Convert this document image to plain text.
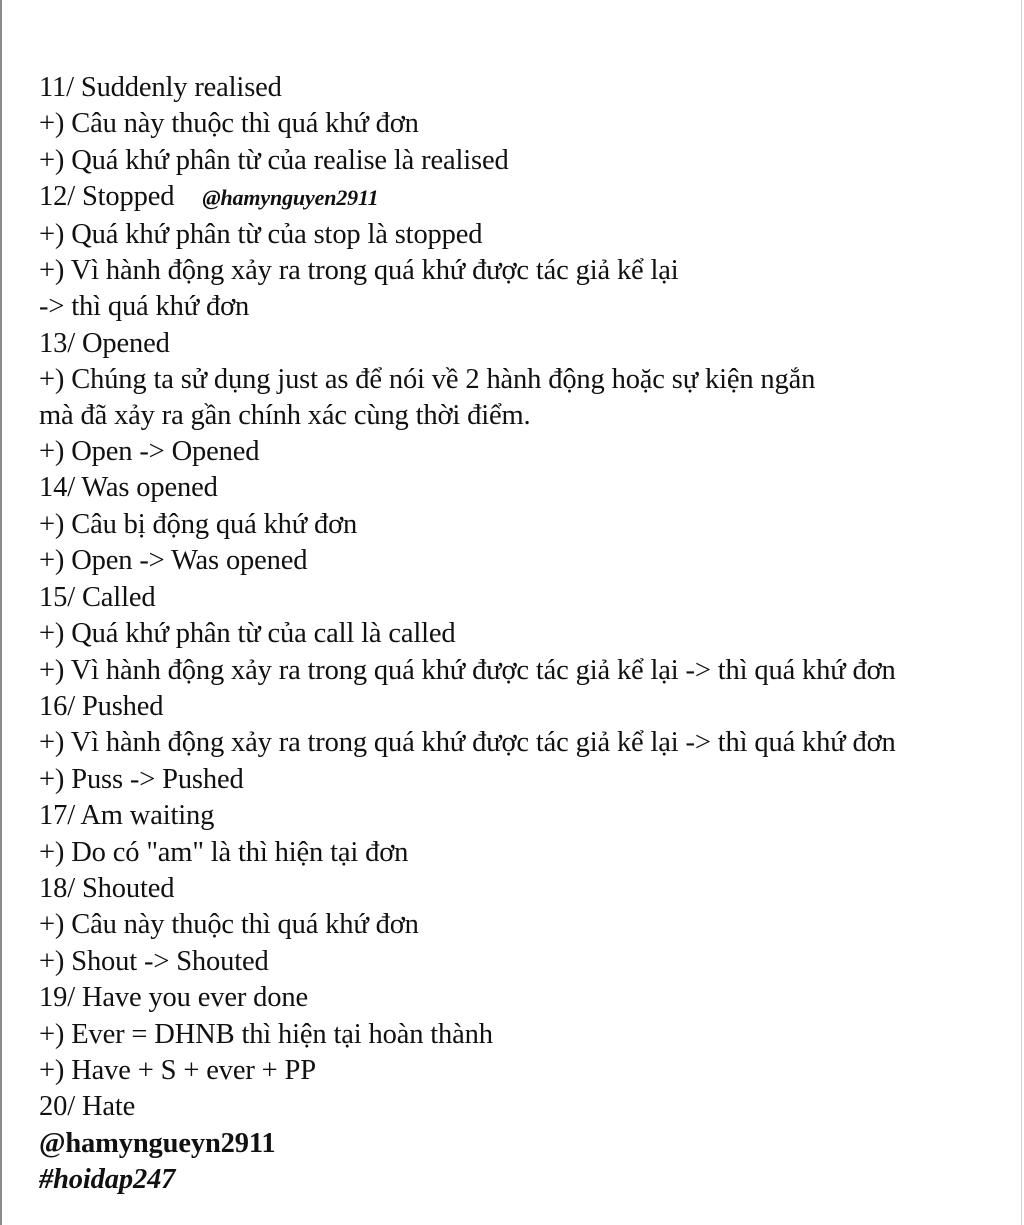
11/ Suddenly realised

+) Câu này thuộc thì quá khứ đơn

+) Quá khứ phân từ của realise là realised

12/ Stopped @hamynguyen2911

+) Quá khứ phân từ của stop là stopped

+) Vì hành động xảy ra trong quá khứ được tác giả kể lại

-> thì quá khứ đơn

13/ Opened

+) Chúng ta sử dụng just as để nói về 2 hành động hoặc sự kiện ngắn

mà đã xảy ra gần chính xác cùng thời điểm.

+) Open -> Opened

14/ Was opened

+) Câu bị động quá khứ đơn

+) Open -> Was opened

15/ Called

+) Quá khứ phân từ của call là called

+) Vì hành động xảy ra trong quá khứ được tác giả kể lại -> thì quá khứ đơn

16/ Pushed

+) Vì hành động xảy ra trong quá khứ được tác giả kể lại -> thì quá khứ đơn

+) Puss -> Pushed

17/ Am waiting

+) Do có "am" là thì hiện tại đơn

18/ Shouted

+) Câu này thuộc thì quá khứ đơn

+) Shout -> Shouted

19/ Have you ever done

+) Ever = DHNB thì hiện tại hoàn thành

+) Have + S + ever + PP

20/ Hate

@hamyngueyn2911

#hoidap247
